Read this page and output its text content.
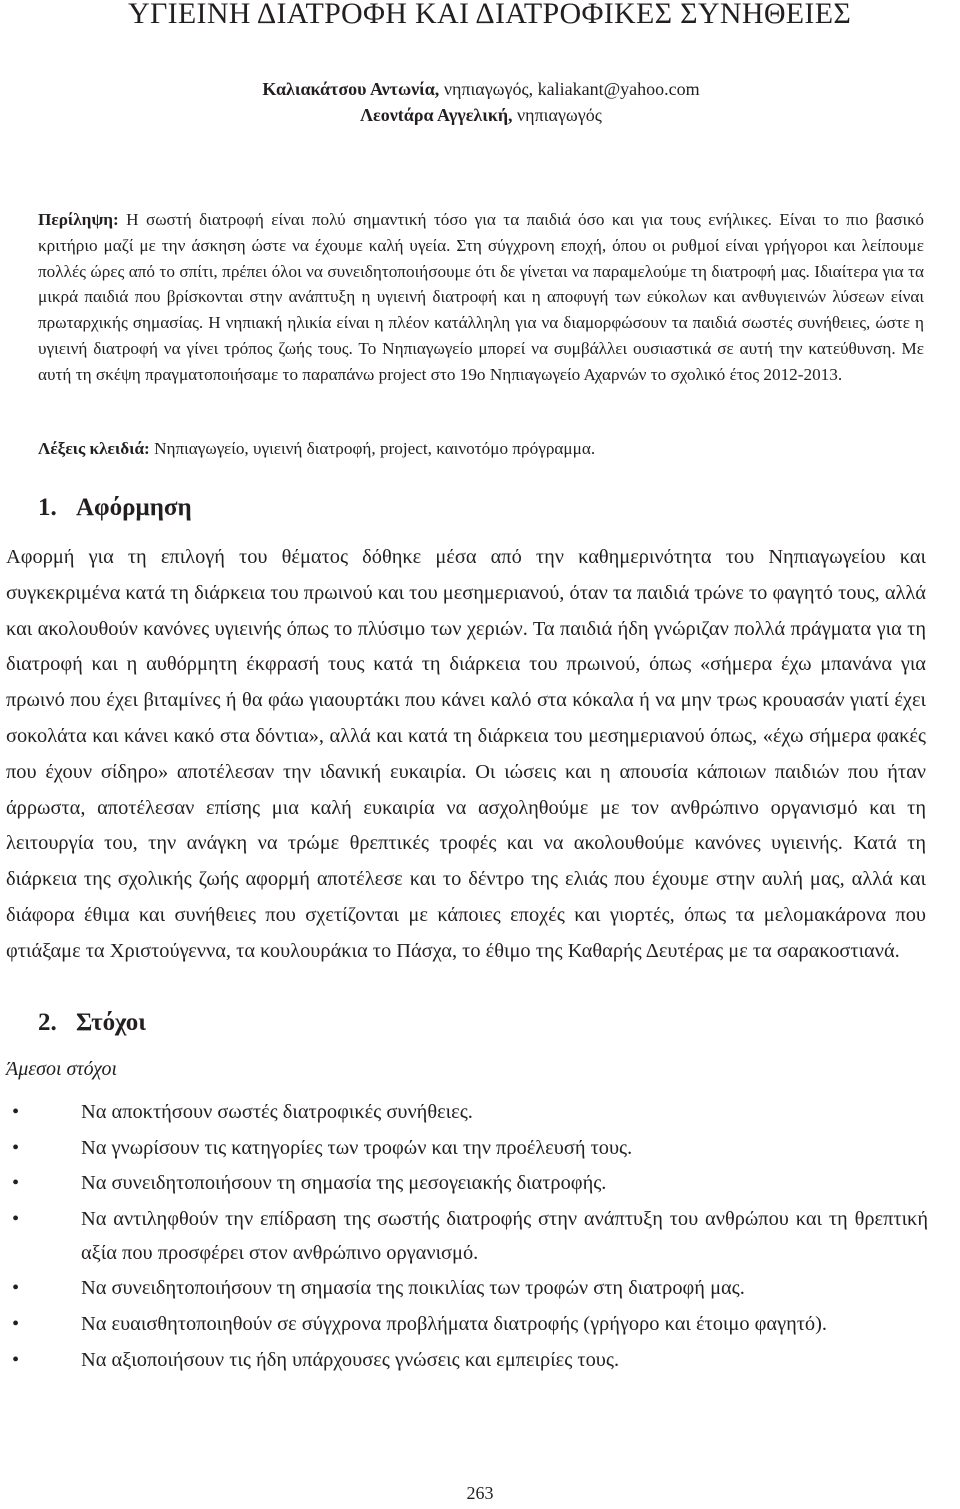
ΥΓΙΕΙΝΗ ΔΙΑΤΡΟΦΗ ΚΑΙ ΔΙΑΤΡΟΦΙΚΕΣ ΣΥΝΗΘΕΙΕΣ
Καλιακάτσου Αντωνία, νηπιαγωγός, kaliakant@yahoo.com
Λεονtάρα Αγγελική, νηπιαγωγός

Περίληψη: Η σωστή διατροφή είναι πολύ σημαντική τόσο για τα παιδιά όσο και για τους ενήλικες. Είναι το πιο βασικό κριτήριο μαζί με την άσκηση ώστε να έχουμε καλή υγεία. Στη σύγχρονη εποχή, όπου οι ρυθμοί είναι γρήγοροι και λείπουμε πολλές ώρες από το σπίτι, πρέπει όλοι να συνειδητοποιήσουμε ότι δε γίνεται να παραμελούμε τη διατροφή μας. Ιδιαίτερα για τα μικρά παιδιά που βρίσκονται στην ανάπτυξη η υγιεινή διατροφή και η αποφυγή των εύκολων και ανθυγιεινών λύσεων είναι πρωταρχικής σημασίας. Η νηπιακή ηλικία είναι η πλέον κατάλληλη για να διαμορφώσουν τα παιδιά σωστές συνήθειες, ώστε η υγιεινή διατροφή να γίνει τρόπος ζωής τους. Το Νηπιαγωγείο μπορεί να συμβάλλει ουσιαστικά σε αυτή την κατεύθυνση. Με αυτή τη σκέψη πραγματοποιήσαμε το παραπάνω project στο 19ο Νηπιαγωγείο Αχαρνών το σχολικό έτος 2012-2013.

Λέξεις κλειδιά: Νηπιαγωγείο, υγιεινή διατροφή, project, καινοτόμο πρόγραμμα.

1. Αφόρμηση

Αφορμή για τη επιλογή του θέματος δόθηκε μέσα από την καθημερινότητα του Νηπιαγωγείου και συγκεκριμένα κατά τη διάρκεια του πρωινού και του μεσημεριανού, όταν τα παιδιά τρώνε το φαγητό τους, αλλά και ακολουθούν κανόνες υγιεινής όπως το πλύσιμο των χεριών. Τα παιδιά ήδη γνώριζαν πολλά πράγματα για τη διατροφή και η αυθόρμητη έκφρασή τους κατά τη διάρκεια του πρωινού, όπως «σήμερα έχω μπανάνα για πρωινό που έχει βιταμίνες ή θα φάω γιαουρτάκι που κάνει καλό στα κόκαλα ή να μην τρως κρουασάν γιατί έχει σοκολάτα και κάνει κακό στα δόντια», αλλά και κατά τη διάρκεια του μεσημεριανού όπως, «έχω σήμερα φακές που έχουν σίδηρο» αποτέλεσαν την ιδανική ευκαιρία. Οι ιώσεις και η απουσία κάποιων παιδιών που ήταν άρρωστα, αποτέλεσαν επίσης μια καλή ευκαιρία να ασχοληθούμε με τον ανθρώπινο οργανισμό και τη λειτουργία του, την ανάγκη να τρώμε θρεπτικές τροφές και να ακολουθούμε κανόνες υγιεινής. Κατά τη διάρκεια της σχολικής ζωής αφορμή αποτέλεσε και το δέντρο της ελιάς που έχουμε στην αυλή μας, αλλά και διάφορα έθιμα και συνήθειες που σχετίζονται με κάποιες εποχές και γιορτές, όπως τα μελομακάρονα που φτιάξαμε τα Χριστούγεννα, τα κουλουράκια το Πάσχα, το έθιμο της Καθαρής Δευτέρας με τα σαρακοστιανά.

2. Στόχοι

Άμεσοι στόχοι

•	Να αποκτήσουν σωστές διατροφικές συνήθειες.
•	Να γνωρίσουν τις κατηγορίες των τροφών και την προέλευσή τους.
•	Να συνειδητοποιήσουν τη σημασία της μεσογειακής διατροφής.
•	Να αντιληφθούν την επίδραση της σωστής διατροφής στην ανάπτυξη του ανθρώπου και τη θρεπτική αξία που προσφέρει στον ανθρώπινο οργανισμό.
•	Να συνειδητοποιήσουν τη σημασία της ποικιλίας των τροφών στη διατροφή μας.
•	Να ευαισθητοποιηθούν σε σύγχρονα προβλήματα διατροφής (γρήγορο και έτοιμο φαγητό).
•	Να αξιοποιήσουν τις ήδη υπάρχουσες γνώσεις και εμπειρίες τους.
263
